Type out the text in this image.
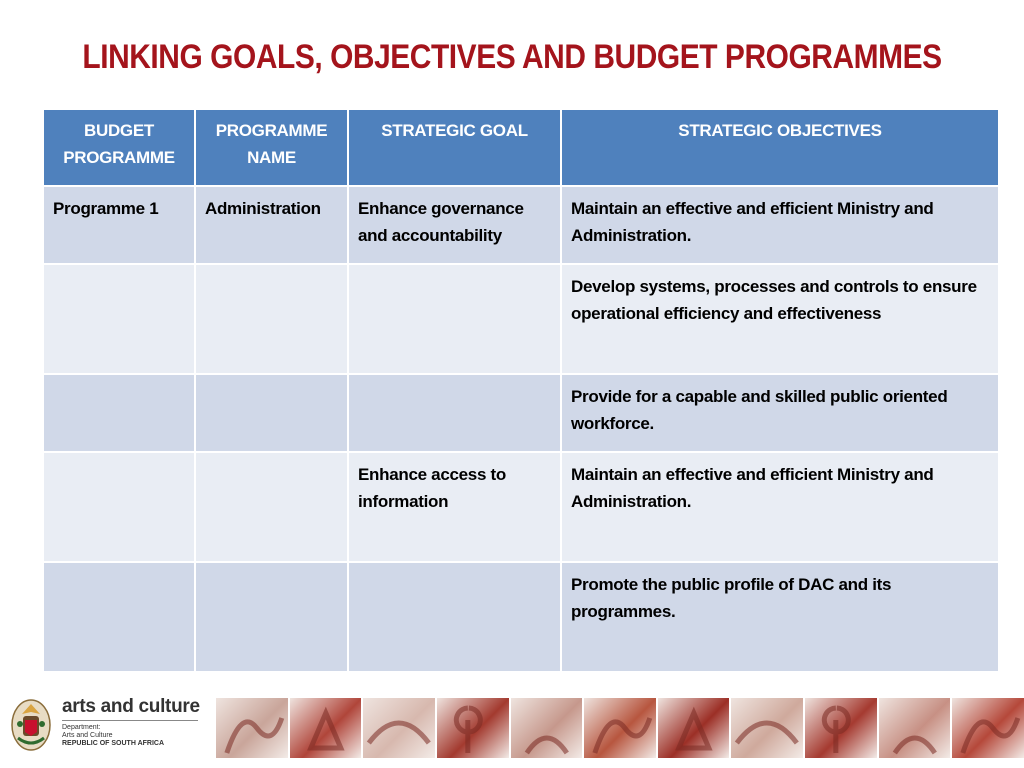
LINKING GOALS, OBJECTIVES AND BUDGET PROGRAMMES
BUDGET PROGRAMME	PROGRAMME NAME	STRATEGIC GOAL	STRATEGIC OBJECTIVES
Programme 1	Administration	Enhance governance and accountability	Maintain an effective and efficient Ministry and Administration.
			Develop systems, processes and controls to ensure operational efficiency and effectiveness
			Provide for a capable and skilled public oriented workforce.
		Enhance access to information	Maintain an effective and efficient Ministry and Administration.
			Promote the public profile of DAC and its programmes.
arts and culture
Department:
Arts and Culture
REPUBLIC OF SOUTH AFRICA
